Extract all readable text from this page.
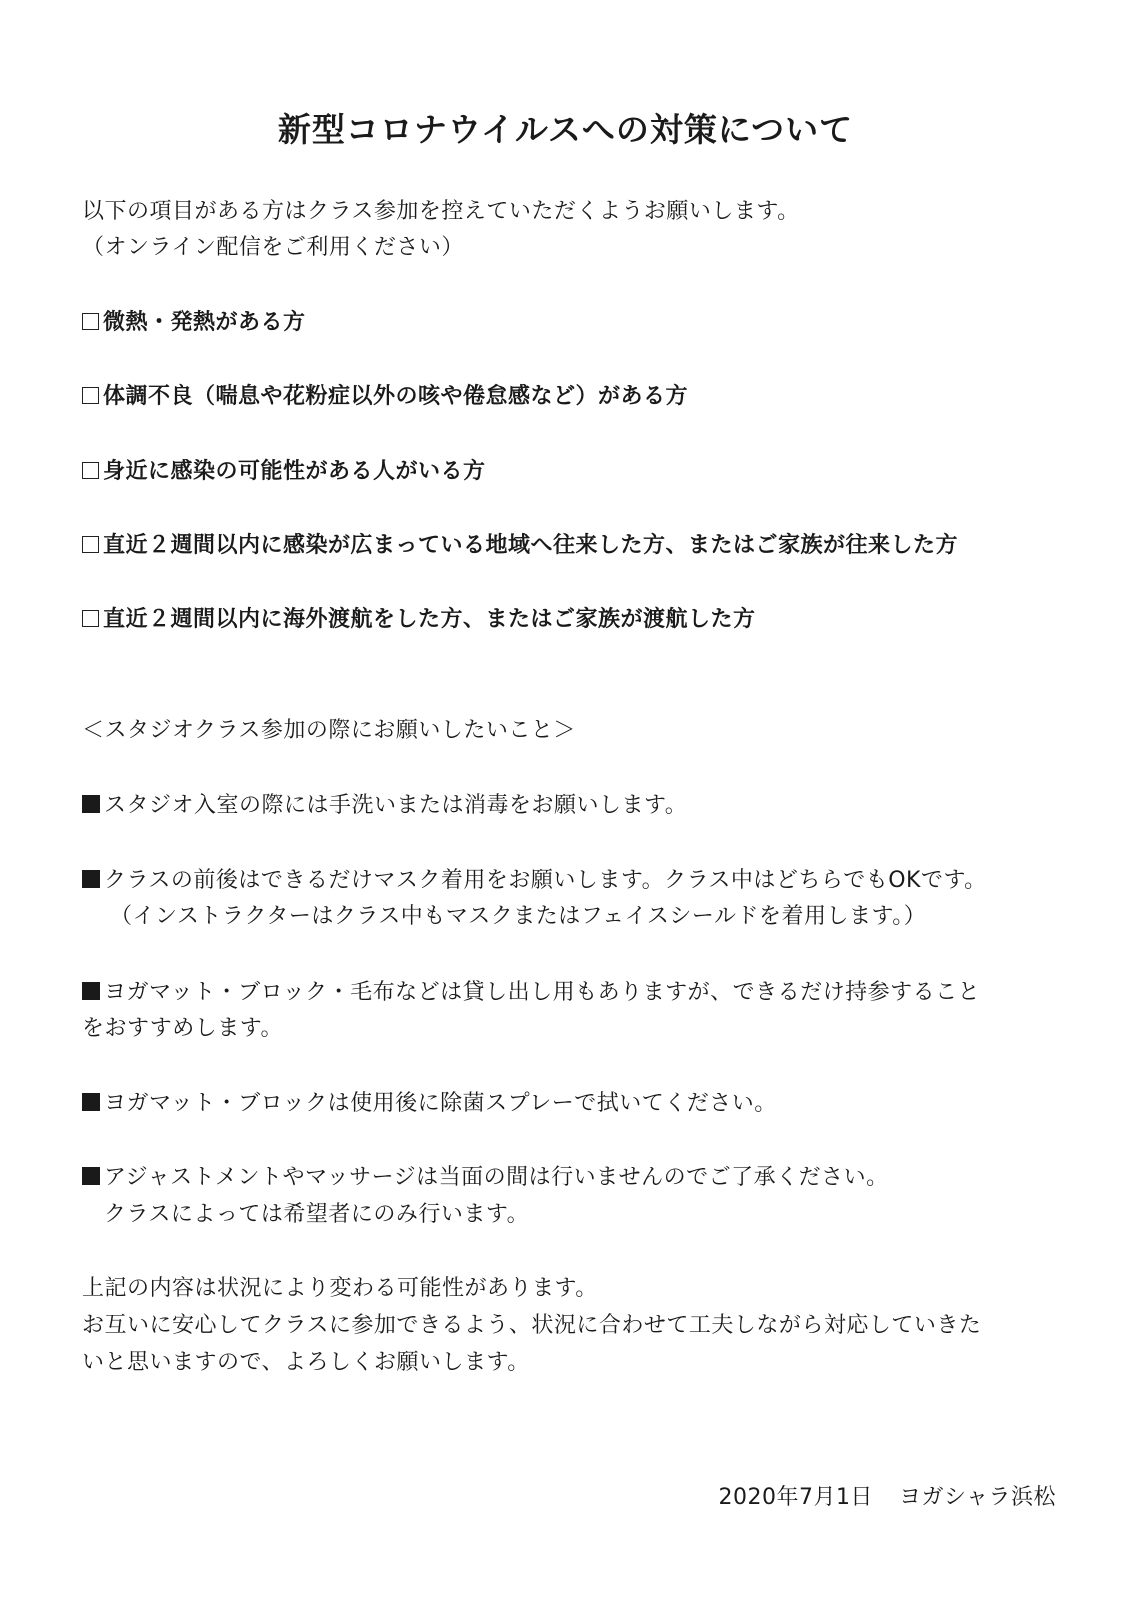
新型コロナウイルスへの対策について
以下の項目がある方はクラス参加を控えていただくようお願いします。
（オンライン配信をご利用ください）
微熱・発熱がある方
体調不良（喘息や花粉症以外の咳や倦怠感など）がある方
身近に感染の可能性がある人がいる方
直近２週間以内に感染が広まっている地域へ往来した方、またはご家族が往来した方
直近２週間以内に海外渡航をした方、またはご家族が渡航した方
＜スタジオクラス参加の際にお願いしたいこと＞
スタジオ入室の際には手洗いまたは消毒をお願いします。
クラスの前後はできるだけマスク着用をお願いします。クラス中はどちらでもOKです。
（インストラクターはクラス中もマスクまたはフェイスシールドを着用します。）
ヨガマット・ブロック・毛布などは貸し出し用もありますが、できるだけ持参すること
をおすすめします。
ヨガマット・ブロックは使用後に除菌スプレーで拭いてください。
アジャストメントやマッサージは当面の間は行いませんのでご了承ください。
クラスによっては希望者にのみ行います。
上記の内容は状況により変わる可能性があります。
お互いに安心してクラスに参加できるよう、状況に合わせて工夫しながら対応していきた
いと思いますので、よろしくお願いします。
2020年7月1日 ヨガシャラ浜松
